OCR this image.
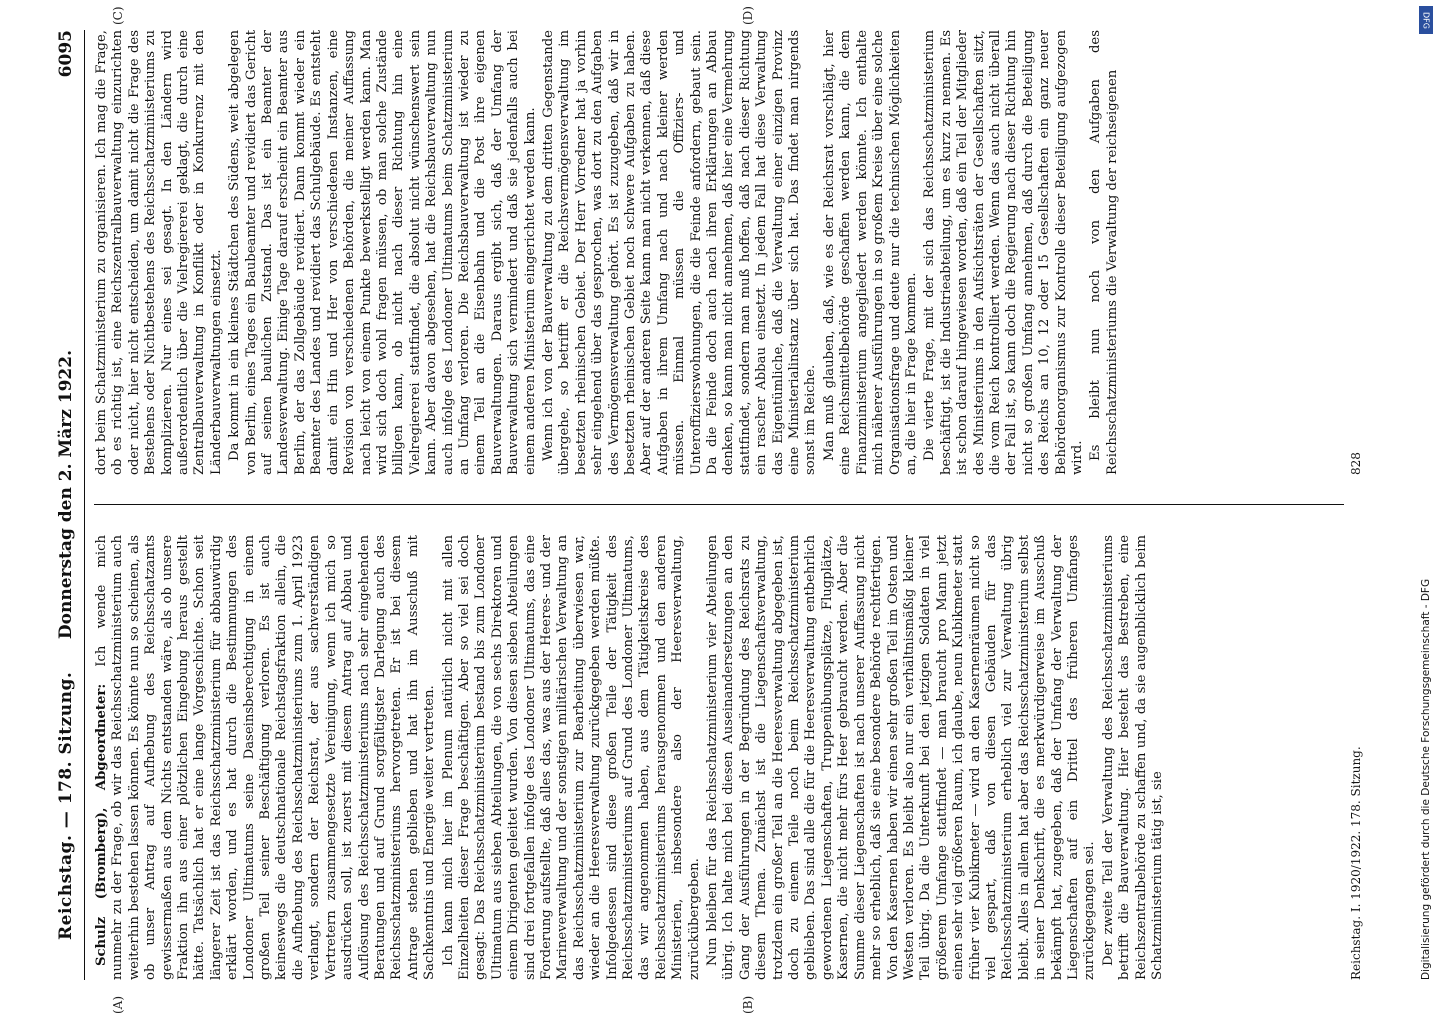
Reichstag. — 178. Sitzung.
Donnerstag den 2. März 1922.
6095
(A)	(B)
(C)	(D)

Schulz (Bromberg), Abgeordneter: Ich wende mich nunmehr zu der Frage, ob wir das Reichsschatzministerium auch weiterhin bestehen lassen können. Es könnte nun so scheinen, als ob unser Antrag auf Aufhebung des Reichsschatzamts gewissermaßen aus dem Nichts entstanden wäre, als ob unsere Fraktion ihn aus einer plötzlichen Eingebung heraus gestellt hätte. Tatsächlich hat er eine lange Vorgeschichte. Schon seit längerer Zeit ist das Reichsschatzministerium für abbauwürdig erklärt worden, und es hat durch die Bestimmungen des Londoner Ultimatums seine Daseinsberechtigung in einem großen Teil seiner Beschäftigung verloren. Es ist auch keineswegs die deutschnationale Reichstagsfraktion allein, die die Aufhebung des Reichsschatzministeriums zum 1. April 1923 verlangt, sondern der Reichsrat, der aus sachverständigen Vertretern zusammengesetzte Vereinigung, wenn ich mich so ausdrücken soll, ist zuerst mit diesem Antrag auf Abbau und Auflösung des Reichsschatzministeriums nach sehr eingehenden Beratungen und auf Grund sorgfältigster Darlegung auch des Reichsschatzministeriums hervorgetreten. Er ist bei diesem Antrage stehen geblieben und hat ihn im Ausschuß mit Sachkenntnis und Energie weiter vertreten. Ich kann mich hier im Plenum natürlich nicht mit allen Einzelheiten dieser Frage beschäftigen. Aber so viel sei doch gesagt: Das Reichsschatzministerium bestand bis zum Londoner Ultimatum aus sieben Abteilungen, die von sechs Direktoren und einem Dirigenten geleitet wurden. Von diesen sieben Abteilungen sind drei fortgefallen infolge des Londoner Ultimatums, das eine Forderung aufstellte, daß alles das, was aus der Heeres- und der Marineverwaltung und der sonstigen militärischen Verwaltung an das Reichsschatzministerium zur Bearbeitung überwiesen war, wieder an die Heeresverwaltung zurückgegeben werden müßte. Infolgedessen sind diese großen Teile der Tätigkeit des Reichsschatzministeriums auf Grund des Londoner Ultimatums, das wir angenommen haben, aus dem Tätigkeitskreise des Reichsschatzministeriums herausgenommen und den anderen Ministerien, insbesondere also der Heeresverwaltung, zurückübergeben. Nun bleiben für das Reichsschatzministerium vier Abteilungen übrig. Ich halte mich bei diesen Auseinandersetzungen an den Gang der Ausführungen in der Begründung des Reichsrats zu diesem Thema. Zunächst ist die Liegenschaftsverwaltung, trotzdem ein großer Teil an die Heeresverwaltung abgegeben ist, doch zu einem Teile noch beim Reichsschatzministerium geblieben. Das sind alle die für die Heeresverwaltung entbehrlich gewordenen Liegenschaften, Truppenübungsplätze, Flugplätze, Kasernen, die nicht mehr fürs Heer gebraucht werden. Aber die Summe dieser Liegenschaften ist nach unserer Auffassung nicht mehr so erheblich, daß sie eine besondere Behörde rechtfertigen. Von den Kasernen haben wir einen sehr großen Teil im Osten und Westen verloren. Es bleibt also nur ein verhältnismäßig kleiner Teil übrig. Da die Unterkunft bei den jetzigen Soldaten in viel größerem Umfange stattfindet — man braucht pro Mann jetzt einen sehr viel größeren Raum, ich glaube, neun Kubikmeter statt früher vier Kubikmeter — wird an den Kasernenräumen nicht so viel gespart, daß von diesen Gebäuden für das Reichsschatzministerium erheblich viel zur Verwaltung übrig bleibt. Alles in allem hat aber das Reichsschatzministerium selbst in seiner Denkschrift, die es merkwürdigerweise im Ausschuß bekämpft hat, zugegeben, daß der Umfang der Verwaltung der Liegenschaften auf ein Drittel des früheren Umfanges zurückgegangen sei. Der zweite Teil der Verwaltung des Reichsschatzministeriums betrifft die Bauverwaltung. Hier besteht das Bestreben, eine Reichszentralbehörde zu schaffen und, da sie augenblicklich beim Schatzministerium tätig ist, sie

dort beim Schatzministerium zu organisieren. Ich mag die Frage, ob es richtig ist, eine Reichszentralbauverwaltung einzurichten oder nicht, hier nicht entscheiden, um damit nicht die Frage des Bestehens oder Nichtbestehens des Reichsschatzministeriums zu komplizieren. Nur eines sei gesagt. In den Ländern wird außerordentlich über die Vielregiererei geklagt, die durch eine Zentralbauverwaltung in Konflikt oder in Konkurrenz mit den Länderbauverwaltungen einsetzt. Da kommt in ein kleines Städtchen des Südens, weit abgelegen von Berlin, eines Tages ein Baubeamter und revidiert das Gericht auf seinen baulichen Zustand. Das ist ein Beamter der Landesverwaltung. Einige Tage darauf erscheint ein Beamter aus Berlin, der das Zollgebäude revidiert. Dann kommt wieder ein Beamter des Landes und revidiert das Schulgebäude. Es entsteht damit ein Hin und Her von verschiedenen Instanzen, eine Revision von verschiedenen Behörden, die meiner Auffassung nach leicht von einem Punkte bewerkstelligt werden kann. Man wird sich doch wohl fragen müssen, ob man solche Zustände billigen kann, ob nicht nach dieser Richtung hin eine Vielregiererei stattfindet, die absolut nicht wünschenswert sein kann. Aber davon abgesehen, hat die Reichsbauverwaltung nun auch infolge des Londoner Ultimatums beim Schatzministerium an Umfang verloren. Die Reichsbauverwaltung ist wieder zu einem Teil an die Eisenbahn und die Post ihre eigenen Bauverwaltungen. Daraus ergibt sich, daß der Umfang der Bauverwaltung sich vermindert und daß sie jedenfalls auch bei einem anderen Ministerium eingerichtet werden kann. Wenn ich von der Bauverwaltung zu dem dritten Gegenstande übergehe, so betrifft er die Reichsvermögensverwaltung im besetzten rheinischen Gebiet. Der Herr Vorredner hat ja vorhin sehr eingehend über das gesprochen, was dort zu den Aufgaben des Vermögensverwaltung gehört. Es ist zuzugeben, daß wir in besetzten rheinischen Gebiet noch schwere Aufgaben zu haben. Aber auf der anderen Seite kann man nicht verkennen, daß diese Aufgaben in ihrem Umfang nach und nach kleiner werden müssen. Einmal müssen die Offiziers- und Unteroffizierswohnungen, die die Feinde anfordern, gebaut sein. Da die Feinde doch auch nach ihren Erklärungen an Abbau denken, so kann man nicht annehmen, daß hier eine Vermehrung stattfindet, sondern man muß hoffen, daß nach dieser Richtung ein rascher Abbau einsetzt. In jedem Fall hat diese Verwaltung das Eigentümliche, daß die Verwaltung einer einzigen Provinz eine Ministerialinstanz über sich hat. Das findet man nirgends sonst im Reiche. Man muß glauben, daß, wie es der Reichsrat vorschlägt, hier eine Reichsmittelbehörde geschaffen werden kann, die dem Finanzministerium angegliedert werden könnte. Ich enthalte mich näherer Ausführungen in so großem Kreise über eine solche Organisationsfrage und deute nur die technischen Möglichkeiten an, die hier in Frage kommen. Die vierte Frage, mit der sich das Reichsschatzministerium beschäftigt, ist die Industrieabteilung, um es kurz zu nennen. Es ist schon darauf hingewiesen worden, daß ein Teil der Mitglieder des Ministeriums in den Aufsichtsräten der Gesellschaften sitzt, die vom Reich kontrolliert werden. Wenn das auch nicht überall der Fall ist, so kann doch die Regierung nach dieser Richtung hin nicht so großen Umfang annehmen, daß durch die Beteiligung des Reichs an 10, 12 oder 15 Gesellschaften ein ganz neuer Behördenorganismus zur Kontrolle dieser Beteiligung aufgezogen wird. Es bleibt nun noch von den Aufgaben des Reichsschatzministeriums die Verwaltung der reichseigenen

Reichstag. I. 1920/1922. 178. Sitzung.
828
Digitalisierung gefördert durch die Deutsche Forschungsgemeinschaft - DFG
DFG
